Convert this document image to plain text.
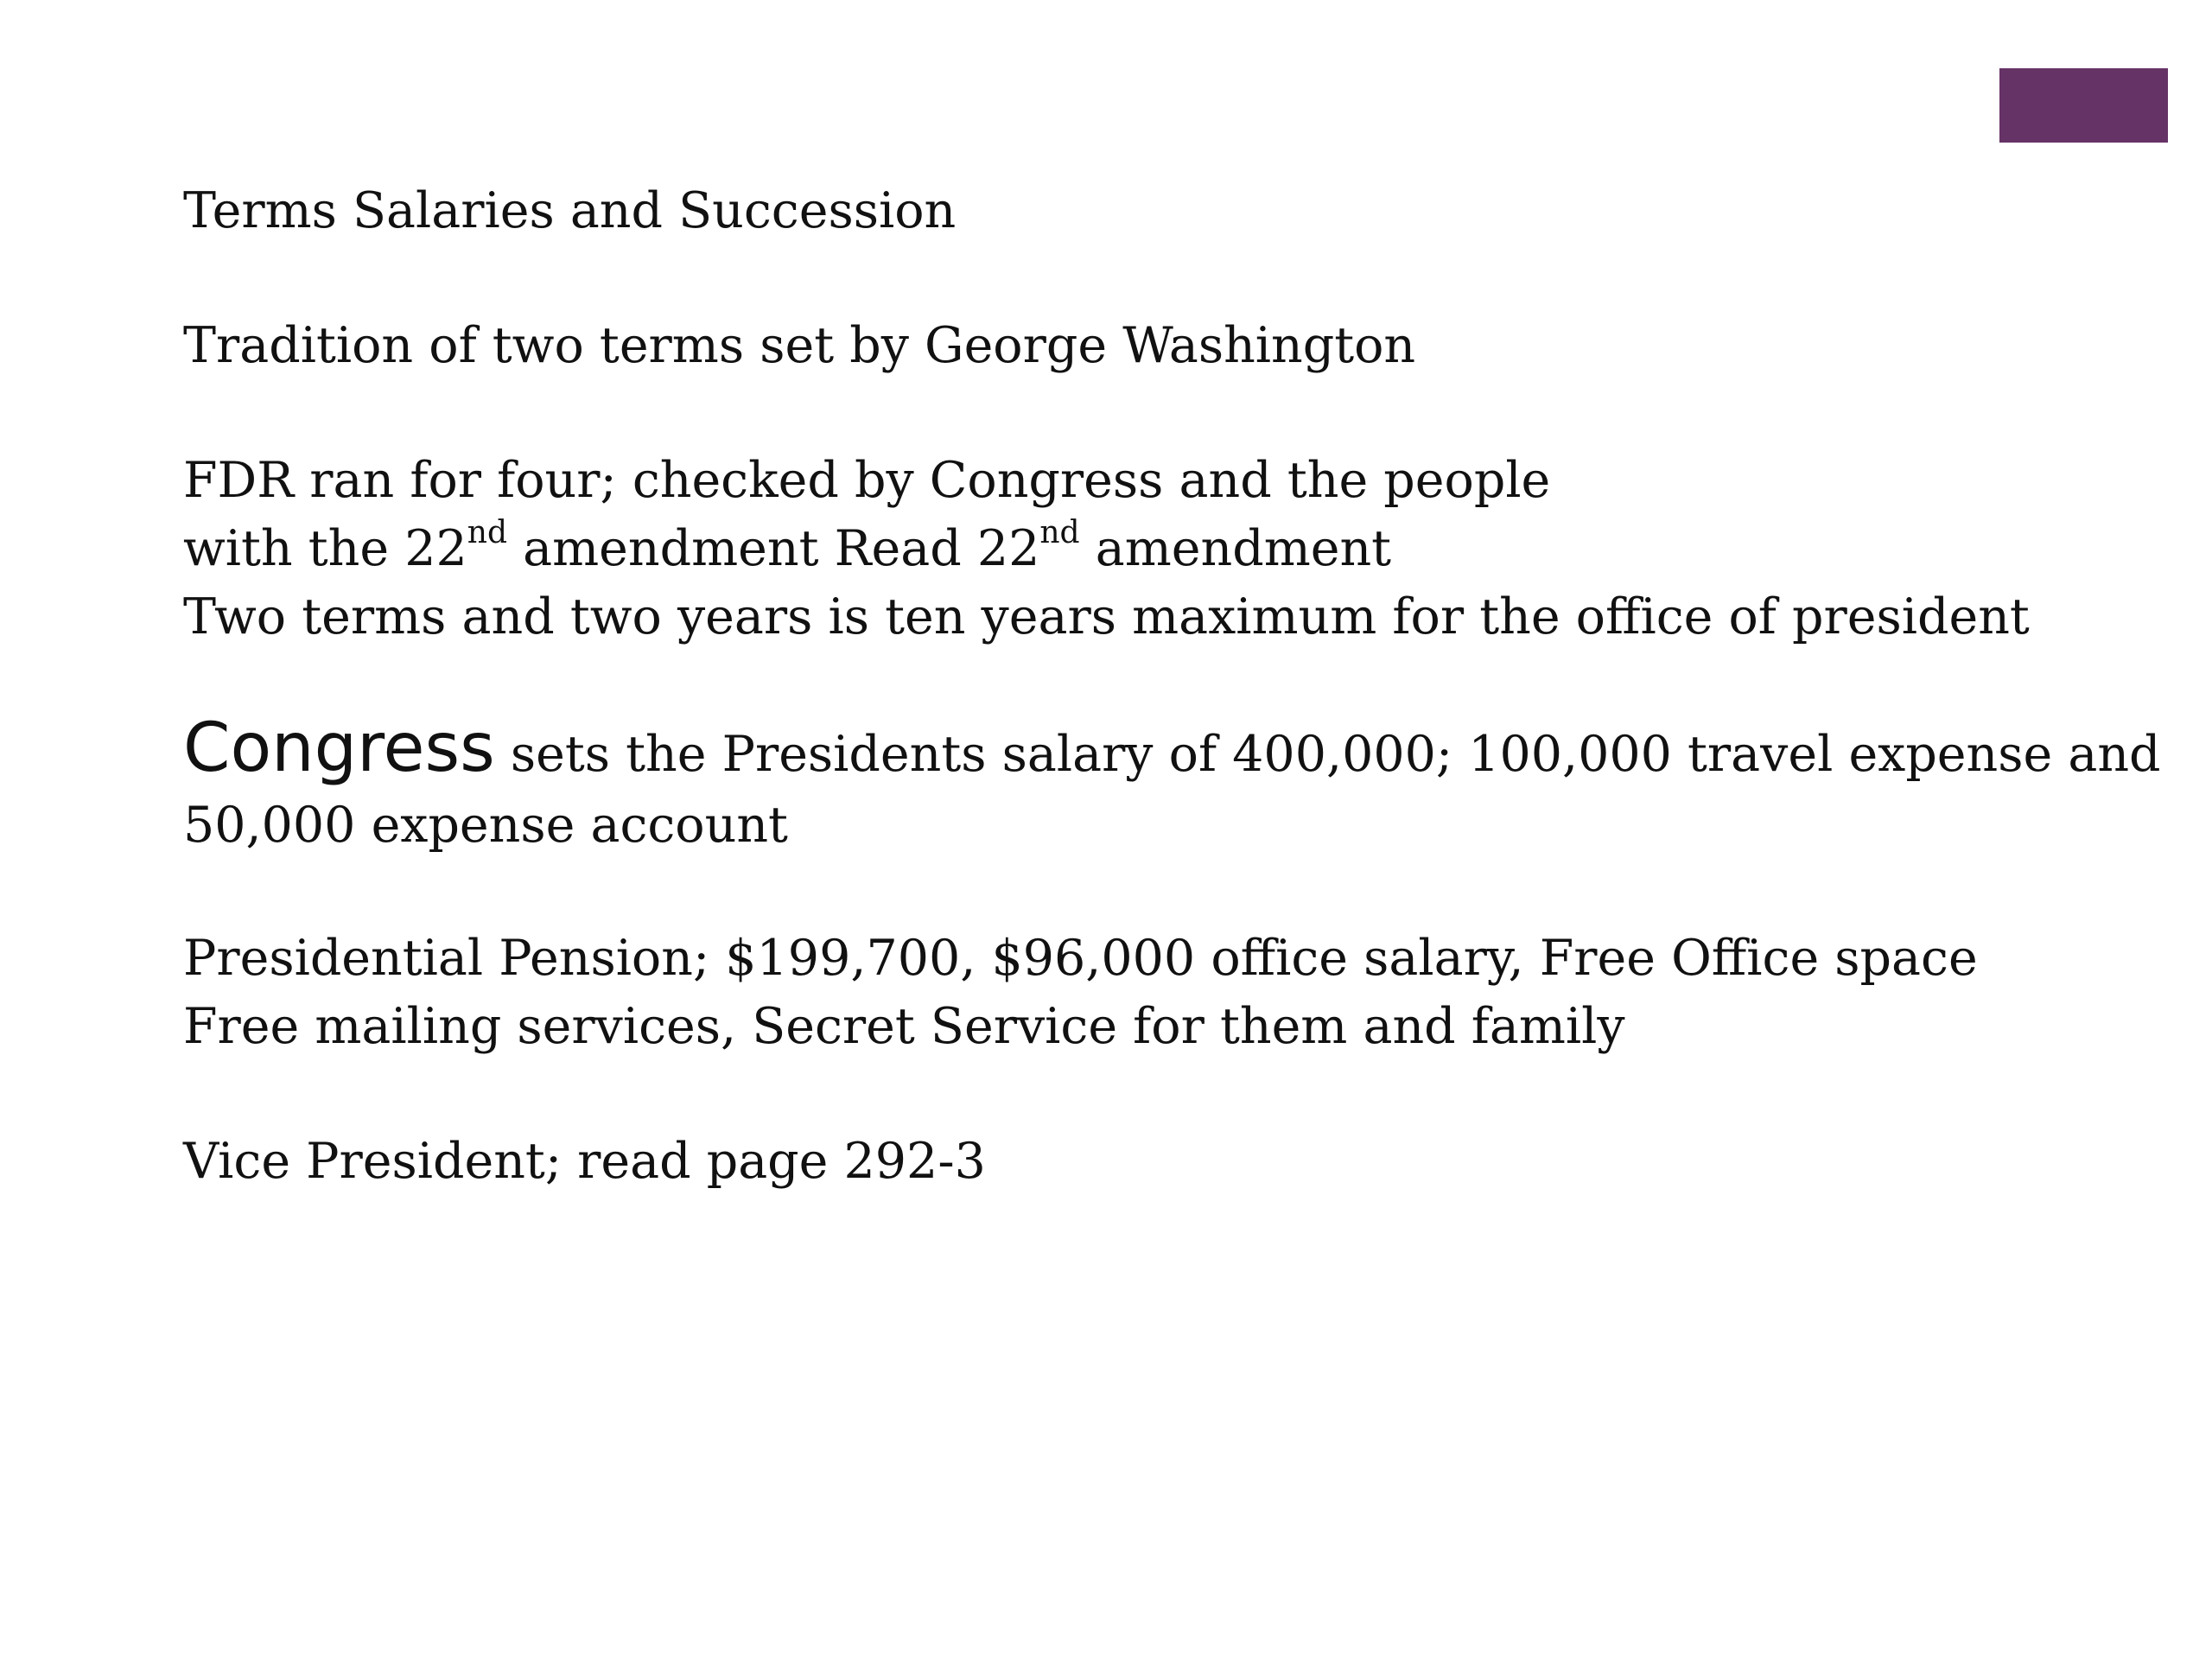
Terms Salaries and Succession

Tradition of two terms set by George Washington

FDR ran for four; checked by Congress and the people
with the 22nd amendment Read 22nd amendment
Two terms and two years is ten years maximum for the office of president

Congress sets the Presidents salary of 400,000; 100,000 travel expense and
50,000 expense account

Presidential Pension; $199,700, $96,000 office salary, Free Office space
Free mailing services, Secret Service for them and family

Vice President; read page 292-3
